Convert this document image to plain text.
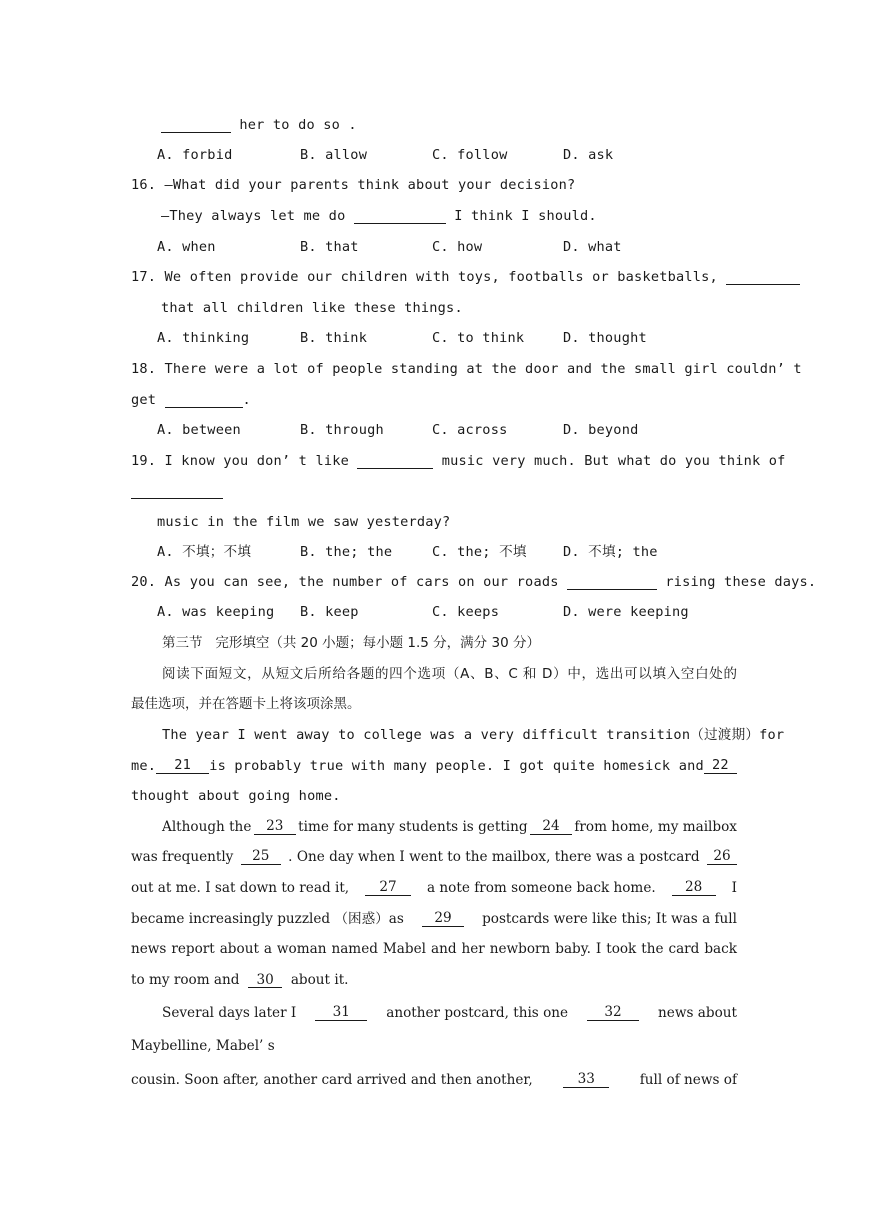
her to do so .
A. forbid	B. allow	C. follow	D. ask
16. —What did your parents think about your decision?
—They always let me do	I think I should.
A. when	B. that	C. how	D. what
17. We often provide our children with toys, footballs or basketballs,
that all children like these things.
A. thinking	B. think	C. to think	D. thought
18. There were a lot of people standing at the door and the small girl couldn’ t
get	.
A. between	B. through	C. across	D. beyond
19. I know you don’ t like	music very much. But what do you think of

music in the film we saw yesterday?
A. 不填；不填	B. the; the	C. the; 不填	D. 不填; the
20. As you can see, the number of cars on our roads	rising these days.
A. was keeping B. keep	C. keeps	D. were keeping
第三节   完形填空（共 20 小题；每小题 1.5 分，满分 30 分）
阅读下面短文，从短文后所给各题的四个选项（A、B、C 和 D）中，选出可以填入空白处的
最佳选项，并在答题卡上将该项涂黑。
The year I went away to college was a very difficult transition（过渡期）for
me.	21	is probably true with many people. I got quite homesick and 22
thought about going home.
Although the	23	time for many students is getting	24	from home, my mailbox
was frequently	25	. One day when I went to the mailbox, there was a postcard	26
out at me. I sat down to read it,	27	a note from someone back home.	28	I
became increasingly puzzled （困惑）as	29	postcards were like this; It was a full
news report about a woman named Mabel and her newborn baby. I took the card back
to my room and 30 about it.
Several days later I	31	another postcard, this one	32	news about
Maybelline, Mabel’ s
cousin. Soon after, another card arrived and then another,	33	full of news of
